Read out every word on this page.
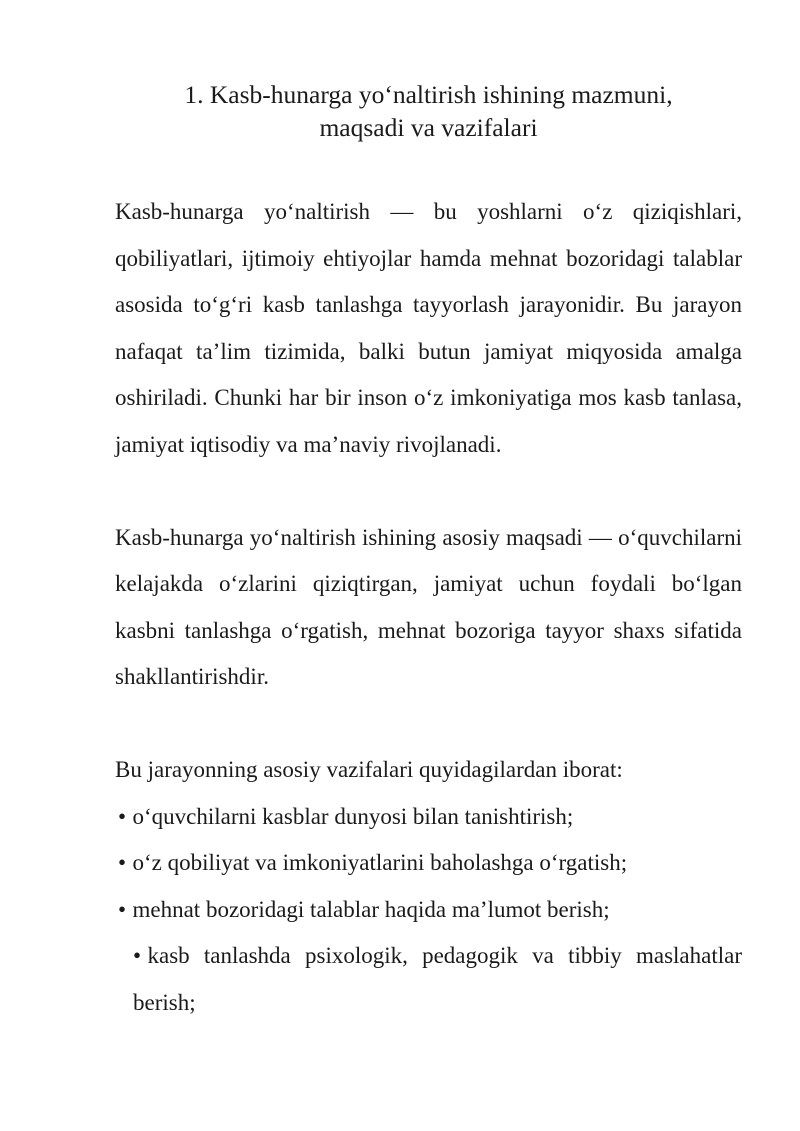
1. Kasb-hunarga yo‘naltirish ishining mazmuni,
maqsadi va vazifalari

Kasb-hunarga yo‘naltirish — bu yoshlarni o‘z qiziqishlari, qobiliyatlari, ijtimoiy ehtiyojlar hamda mehnat bozoridagi talablar asosida to‘g‘ri kasb tanlashga tayyorlash jarayonidir. Bu jarayon nafaqat ta’lim tizimida, balki butun jamiyat miqyosida amalga oshiriladi. Chunki har bir inson o‘z imkoniyatiga mos kasb tanlasa, jamiyat iqtisodiy va ma’naviy rivojlanadi.

Kasb-hunarga yo‘naltirish ishining asosiy maqsadi — o‘quvchilarni kelajakda o‘zlarini qiziqtirgan, jamiyat uchun foydali bo‘lgan kasbni tanlashga o‘rgatish, mehnat bozoriga tayyor shaxs sifatida shakllantirishdir.

Bu jarayonning asosiy vazifalari quyidagilardan iborat:

• o‘quvchilarni kasblar dunyosi bilan tanishtirish;
• o‘z qobiliyat va imkoniyatlarini baholashga o‘rgatish;
• mehnat bozoridagi talablar haqida ma’lumot berish;
• kasb tanlashda psixologik, pedagogik va tibbiy maslahatlar berish;
